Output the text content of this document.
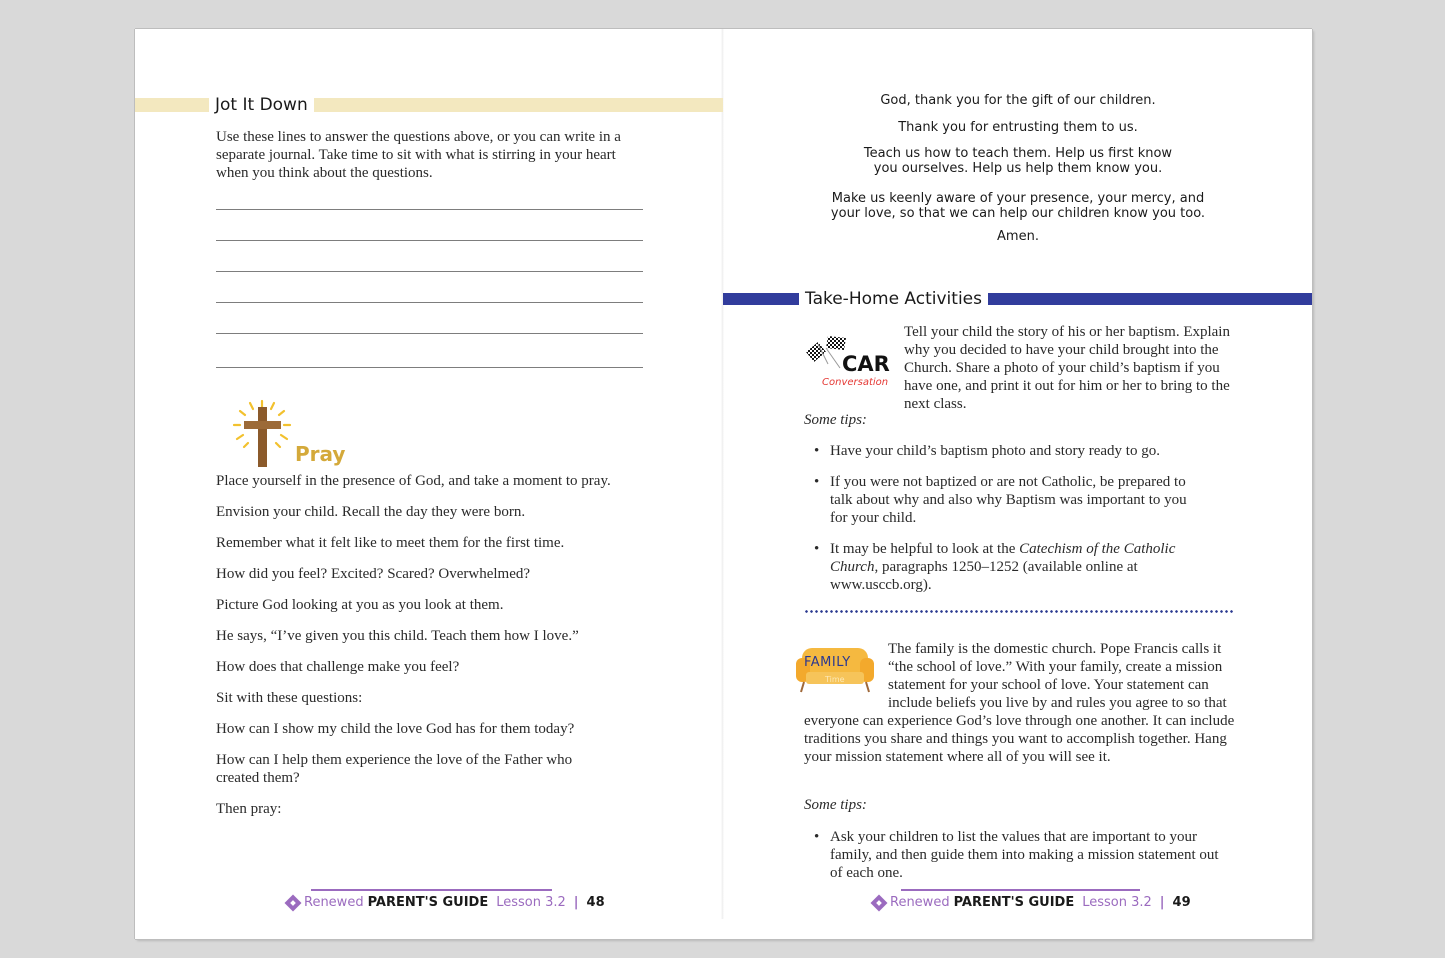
Jot It Down

Use these lines to answer the questions above, or you can write in a separate journal. Take time to sit with what is stirring in your heart when you think about the questions.

Pray

Place yourself in the presence of God, and take a moment to pray.

Envision your child. Recall the day they were born.

Remember what it felt like to meet them for the first time.

How did you feel? Excited? Scared? Overwhelmed?

Picture God looking at you as you look at them.

He says, “I’ve given you this child. Teach them how I love.”

How does that challenge make you feel?

Sit with these questions:

How can I show my child the love God has for them today?

How can I help them experience the love of the Father who created them?

Then pray:

Renewed PARENT'S GUIDE Lesson 3.2 | 48

God, thank you for the gift of our children.

Thank you for entrusting them to us.

Teach us how to teach them. Help us first know you ourselves. Help us help them know you.

Make us keenly aware of your presence, your mercy, and your love, so that we can help our children know you too.

Amen.

Take-Home Activities
CAR
Conversation

Tell your child the story of his or her baptism. Explain why you decided to have your child brought into the Church. Share a photo of your child’s baptism if you have one, and print it out for him or her to bring to the next class.

Some tips:
• Have your child’s baptism photo and story ready to go.
• If you were not baptized or are not Catholic, be prepared to talk about why and also why Baptism was important to you for your child.
• It may be helpful to look at the Catechism of the Catholic Church, paragraphs 1250–1252 (available online at www.usccb.org).
FAMILY
Time
The family is the domestic church. Pope Francis calls it “the school of love.” With your family, create a mission statement for your school of love. Your statement can include beliefs you live by and rules you agree to so that everyone can experience God’s love through one another. It can include traditions you share and things you want to accomplish together. Hang your mission statement where all of you will see it.
Some tips:
• Ask your children to list the values that are important to your family, and then guide them into making a mission statement out of each one.
Renewed PARENT'S GUIDE Lesson 3.2 | 49
